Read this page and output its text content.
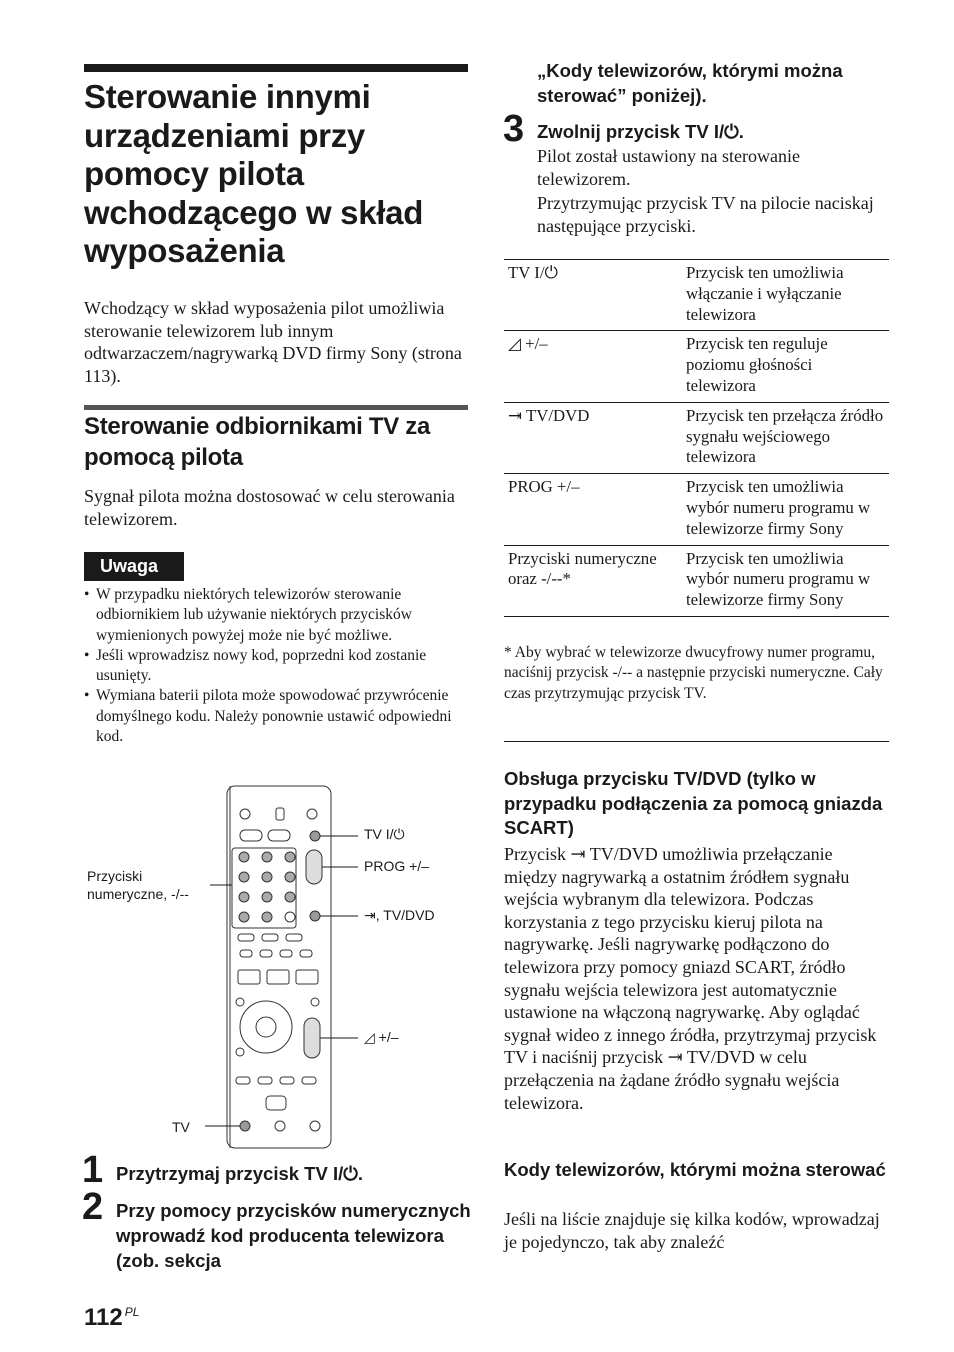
Sterowanie innymi urządzeniami przy pomocy pilota wchodzącego w skład wyposażenia
Wchodzący w skład wyposażenia pilot umożliwia sterowanie telewizorem lub innym odtwarzaczem/nagrywarką DVD firmy Sony (strona 113).
Sterowanie odbiornikami TV za pomocą pilota
Sygnał pilota można dostosować w celu sterowania telewizorem.
Uwaga
• W przypadku niektórych telewizorów sterowanie odbiornikiem lub używanie niektórych przycisków wymienionych powyżej może nie być możliwe.
• Jeśli wprowadzisz nowy kod, poprzedni kod zostanie usunięty.
• Wymiana baterii pilota może spowodować przywrócenie domyślnego kodu. Należy ponownie ustawić odpowiedni kod.
TV I/⏻
PROG +/–
⇥, TV/DVD
Przyciski numeryczne, -/--
◿ +/–
TV
1 Przytrzymaj przycisk TV I/⏻.
2 Przy pomocy przycisków numerycznych wprowadź kod producenta telewizora (zob. sekcja
„Kody telewizorów, którymi można sterować” poniżej).
3 Zwolnij przycisk TV I/⏻.
Pilot został ustawiony na sterowanie telewizorem.
Przytrzymując przycisk TV na pilocie naciskaj następujące przyciski.
TV I/⏻	Przycisk ten umożliwia włączanie i wyłączanie telewizora
◿ +/–	Przycisk ten reguluje poziomu głośności telewizora
⇥ TV/DVD	Przycisk ten przełącza źródło sygnału wejściowego telewizora
PROG +/–	Przycisk ten umożliwia wybór numeru programu w telewizorze firmy Sony
Przyciski numeryczne oraz -/--*	Przycisk ten umożliwia wybór numeru programu w telewizorze firmy Sony
* Aby wybrać w telewizorze dwucyfrowy numer programu, naciśnij przycisk -/-- a następnie przyciski numeryczne. Cały czas przytrzymując przycisk TV.
Obsługa przycisku TV/DVD (tylko w przypadku podłączenia za pomocą gniazda SCART)
Przycisk ⇥ TV/DVD umożliwia przełączanie między nagrywarką a ostatnim źródłem sygnału wejścia wybranym dla telewizora. Podczas korzystania z tego przycisku kieruj pilota na nagrywarkę. Jeśli nagrywarkę podłączono do telewizora przy pomocy gniazd SCART, źródło sygnału wejścia telewizora jest automatycznie ustawione na włączoną nagrywarkę. Aby oglądać sygnał wideo z innego źródła, przytrzymaj przycisk TV i naciśnij przycisk ⇥ TV/DVD w celu przełączenia na żądane źródło sygnału wejścia telewizora.
Kody telewizorów, którymi można sterować
Jeśli na liście znajduje się kilka kodów, wprowadzaj je pojedynczo, tak aby znaleźć
112 $^{PL}$
